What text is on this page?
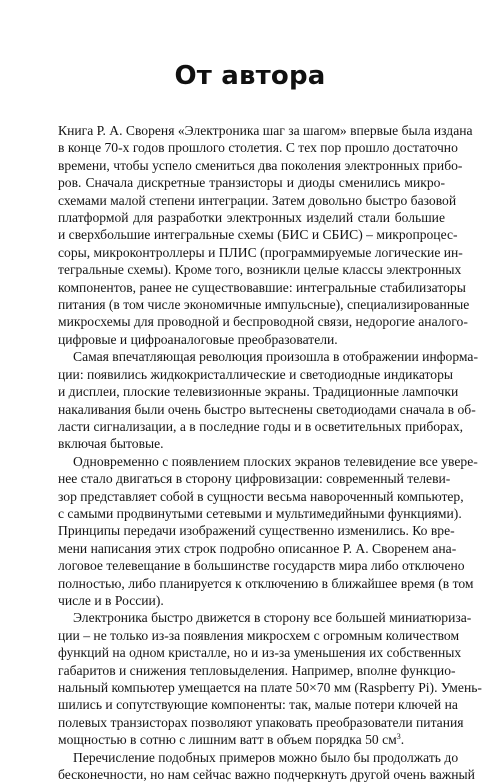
От автора
Книга Р. А. Свореня «Электроника шаг за шагом» впервые была издана
в конце 70-х годов прошлого столетия. С тех пор прошло достаточно
времени, чтобы успело смениться два поколения электронных прибо-
ров. Сначала дискретные транзисторы и диоды сменились микро-
схемами малой степени интеграции. Затем довольно быстро базовой
платформой для разработки электронных изделий стали большие
и сверхбольшие интегральные схемы (БИС и СБИС) – микропроцес-
соры, микроконтроллеры и ПЛИС (программируемые логические ин-
тегральные схемы). Кроме того, возникли целые классы электронных
компонентов, ранее не существовавшие: интегральные стабилизаторы
питания (в том числе экономичные импульсные), специализированные
микросхемы для проводной и беспроводной связи, недорогие аналого-
цифровые и цифроаналоговые преобразователи.
Самая впечатляющая революция произошла в отображении информа-
ции: появились жидкокристаллические и светодиодные индикаторы
и дисплеи, плоские телевизионные экраны. Традиционные лампочки
накаливания были очень быстро вытеснены светодиодами сначала в об-
ласти сигнализации, а в последние годы и в осветительных приборах,
включая бытовые.
Одновременно с появлением плоских экранов телевидение все увере-
нее стало двигаться в сторону цифровизации: современный телеви-
зор представляет собой в сущности весьма навороченный компьютер,
с самыми продвинутыми сетевыми и мультимедийными функциями).
Принципы передачи изображений существенно изменились. Ко вре-
мени написания этих строк подробно описанное Р. А. Своренем ана-
логовое телевещание в большинстве государств мира либо отключено
полностью, либо планируется к отключению в ближайшее время (в том
числе и в России).
Электроника быстро движется в сторону все большей миниатюриза-
ции – не только из-за появления микросхем с огромным количеством
функций на одном кристалле, но и из-за уменьшения их собственных
габаритов и снижения тепловыделения. Например, вполне функцио-
нальный компьютер умещается на плате 50×70 мм (Raspberry Pi). Умень-
шились и сопутствующие компоненты: так, малые потери ключей на
полевых транзисторах позволяют упаковать преобразователи питания
мощностью в сотню с лишним ватт в объем порядка 50 $см^3$.
Перечисление подобных примеров можно было бы продолжать до
бесконечности, но нам сейчас важно подчеркнуть другой очень важный
